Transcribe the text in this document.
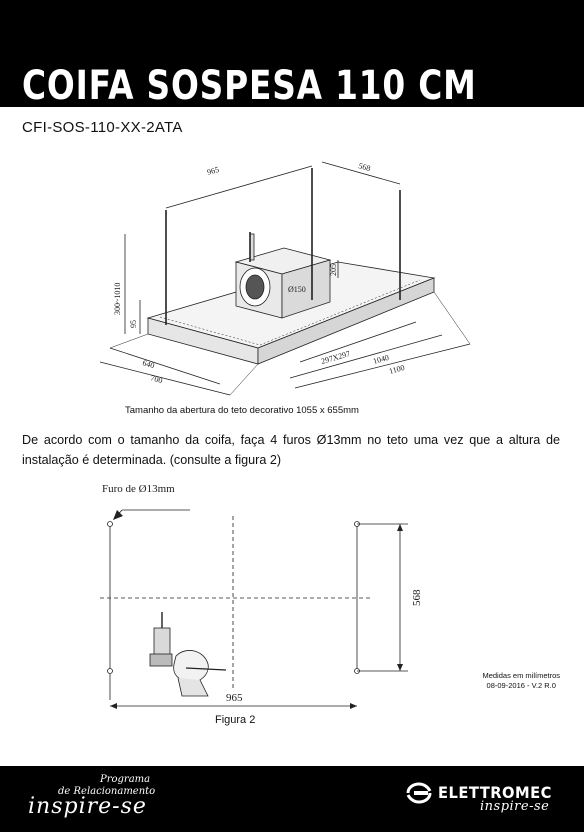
COIFA SOSPESA 110 CM
CFI-SOS-110-XX-2ATA
965	568
300~1010
95
205
Ø150
640
700
297X297	1040
1100
Tamanho da abertura do teto decorativo 1055 x 655mm
De acordo com o tamanho da coifa, faça 4 furos Ø13mm no teto uma vez que a altura de instalação é determinada. (consulte a figura 2)
Furo de Ø13mm
568
965
Figura 2
Medidas em milímetros
08-09-2016 - V.2 R.0
Programa
de Relacionamento
inspire-se
ELETTROMEC
inspire-se
